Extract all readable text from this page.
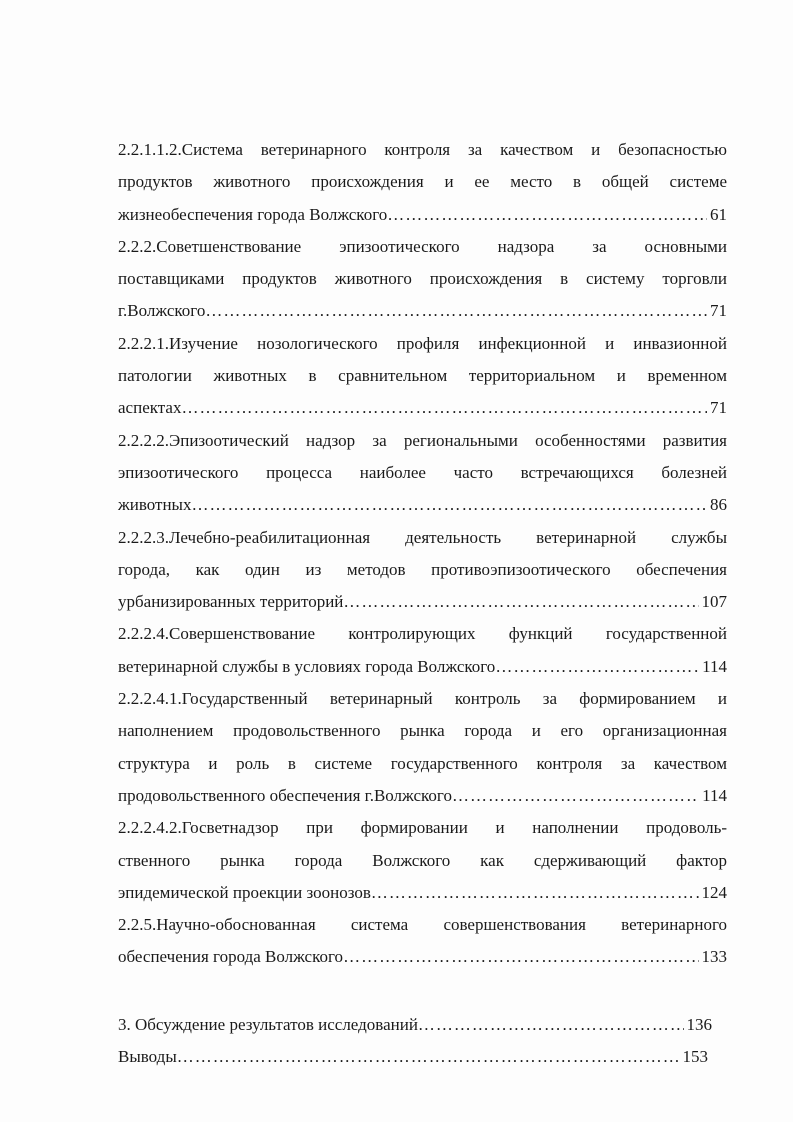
2.2.1.1.2.Система ветеринарного контроля за качеством и безопасностью
продуктов животного происхождения и ее место в общей системе
жизнеобеспечения города Волжского ………………………………………………………………………………………………………………………………………………	61
2.2.2.Советшенствование эпизоотического надзора за основными
поставщиками продуктов животного происхождения в систему торговли
г.Волжского ………………………………………………………………………………………………………………………………………………	71
2.2.2.1.Изучение нозологического профиля инфекционной и инвазионной
патологии животных в сравнительном территориальном и временном
аспектах ………………………………………………………………………………………………………………………………………………	71
2.2.2.2.Эпизоотический надзор за региональными особенностями развития
эпизоотического процесса наиболее часто встречающихся болезней
животных ………………………………………………………………………………………………………………………………………………	86
2.2.2.3.Лечебно-реабилитационная деятельность ветеринарной службы
города, как один из методов противоэпизоотического обеспечения
урбанизированных территорий ………………………………………………………………………………………………………………………………………………	107
2.2.2.4.Совершенствование контролирующих функций государственной
ветеринарной службы в условиях города Волжского ………………………………………………………………………………………………………………………………………………	114
2.2.2.4.1.Государственный ветеринарный контроль за формированием и
наполнением продовольственного рынка города и его организационная
структура и роль в системе государственного контроля за качеством
продовольственного обеспечения г.Волжского ………………………………………………………………………………………………………………………………………………	114
2.2.2.4.2.Госветнадзор при формировании и наполнении продоволь-
ственного рынка города Волжского как сдерживающий фактор
эпидемической проекции зоонозов ………………………………………………………………………………………………………………………………………………	124
2.2.5.Научно-обоснованная система совершенствования ветеринарного
обеспечения города Волжского ………………………………………………………………………………………………………………………………………………	133
3. Обсуждение результатов исследований ………………………………………………………………………………………………………………………………………………	136
Выводы ………………………………………………………………………………………………………………………………………………	153
